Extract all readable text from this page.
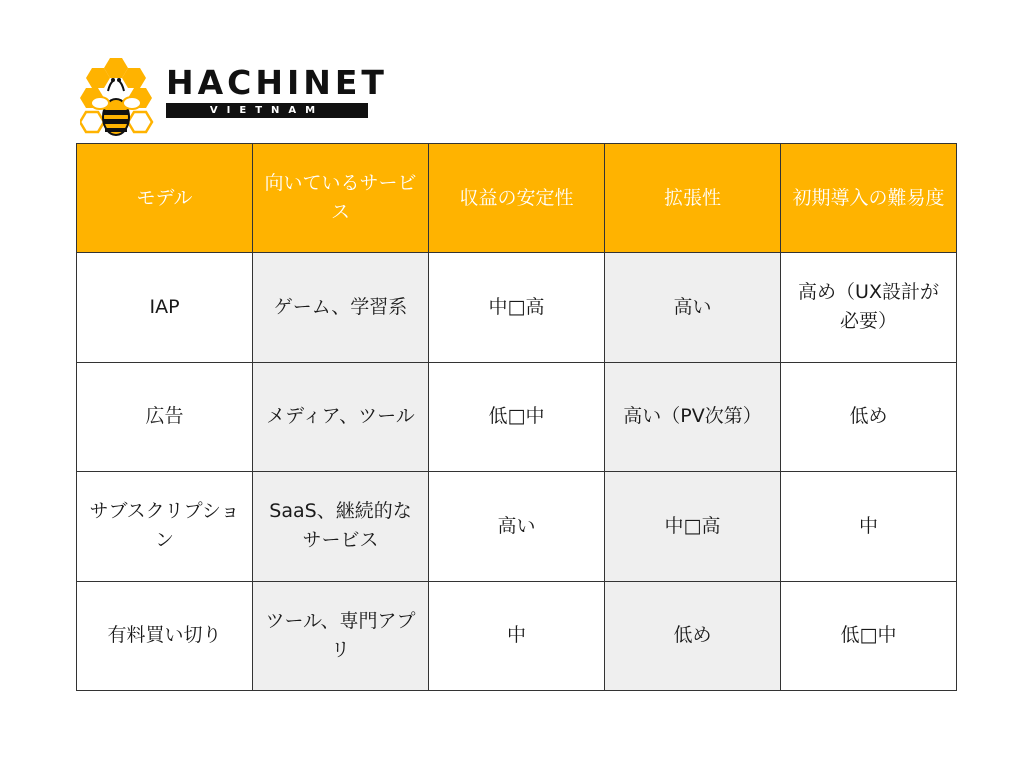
HACHINET
VIETNAM
モデル	向いているサービス	収益の安定性	拡張性	初期導入の難易度
IAP	ゲーム、学習系	中□高	高い	高め（UX設計が必要）
広告	メディア、ツール	低□中	高い（PV次第）	低め
サブスクリプション	SaaS、継続的なサービス	高い	中□高	中
有料買い切り	ツール、専門アプリ	中	低め	低□中
